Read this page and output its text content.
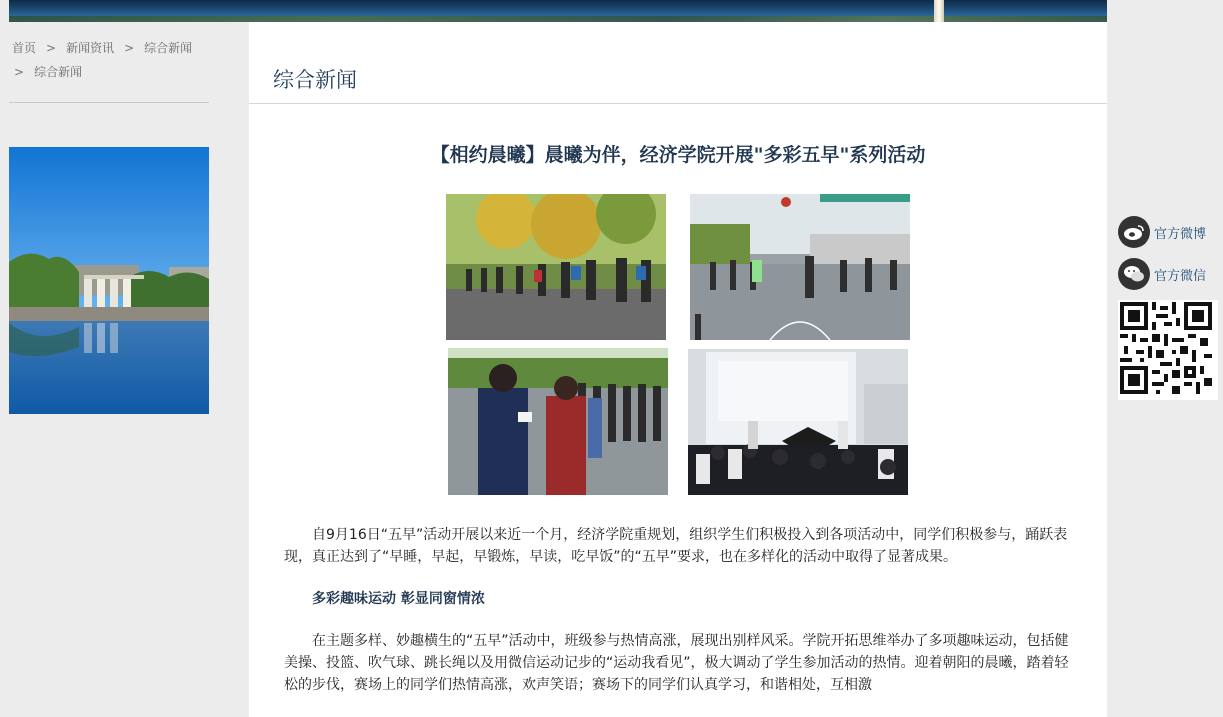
首页 > 新闻资讯 > 综合新闻
> 综合新闻	综合新闻
【相约晨曦】晨曦为伴，经济学院开展"多彩五早"系列活动

自9月16日“五早”活动开展以来近一个月，经济学院重规划，组织学生们积极投入到各项活动中，同学们积极参与，踊跃表现，真正达到了“早睡，早起，早锻炼，早读，吃早饭”的“五早”要求，也在多样化的活动中取得了显著成果。

多彩趣味运动 彰显同窗情浓

在主题多样、妙趣横生的“五早”活动中，班级参与热情高涨，展现出别样风采。学院开拓思维举办了多项趣味运动，包括健美操、投篮、吹气球、跳长绳以及用微信运动记步的“运动我看见”，极大调动了学生参加活动的热情。迎着朝阳的晨曦，踏着轻松的步伐，赛场上的同学们热情高涨，欢声笑语；赛场下的同学们认真学习，和谐相处，互相激

官方微博
官方微信
